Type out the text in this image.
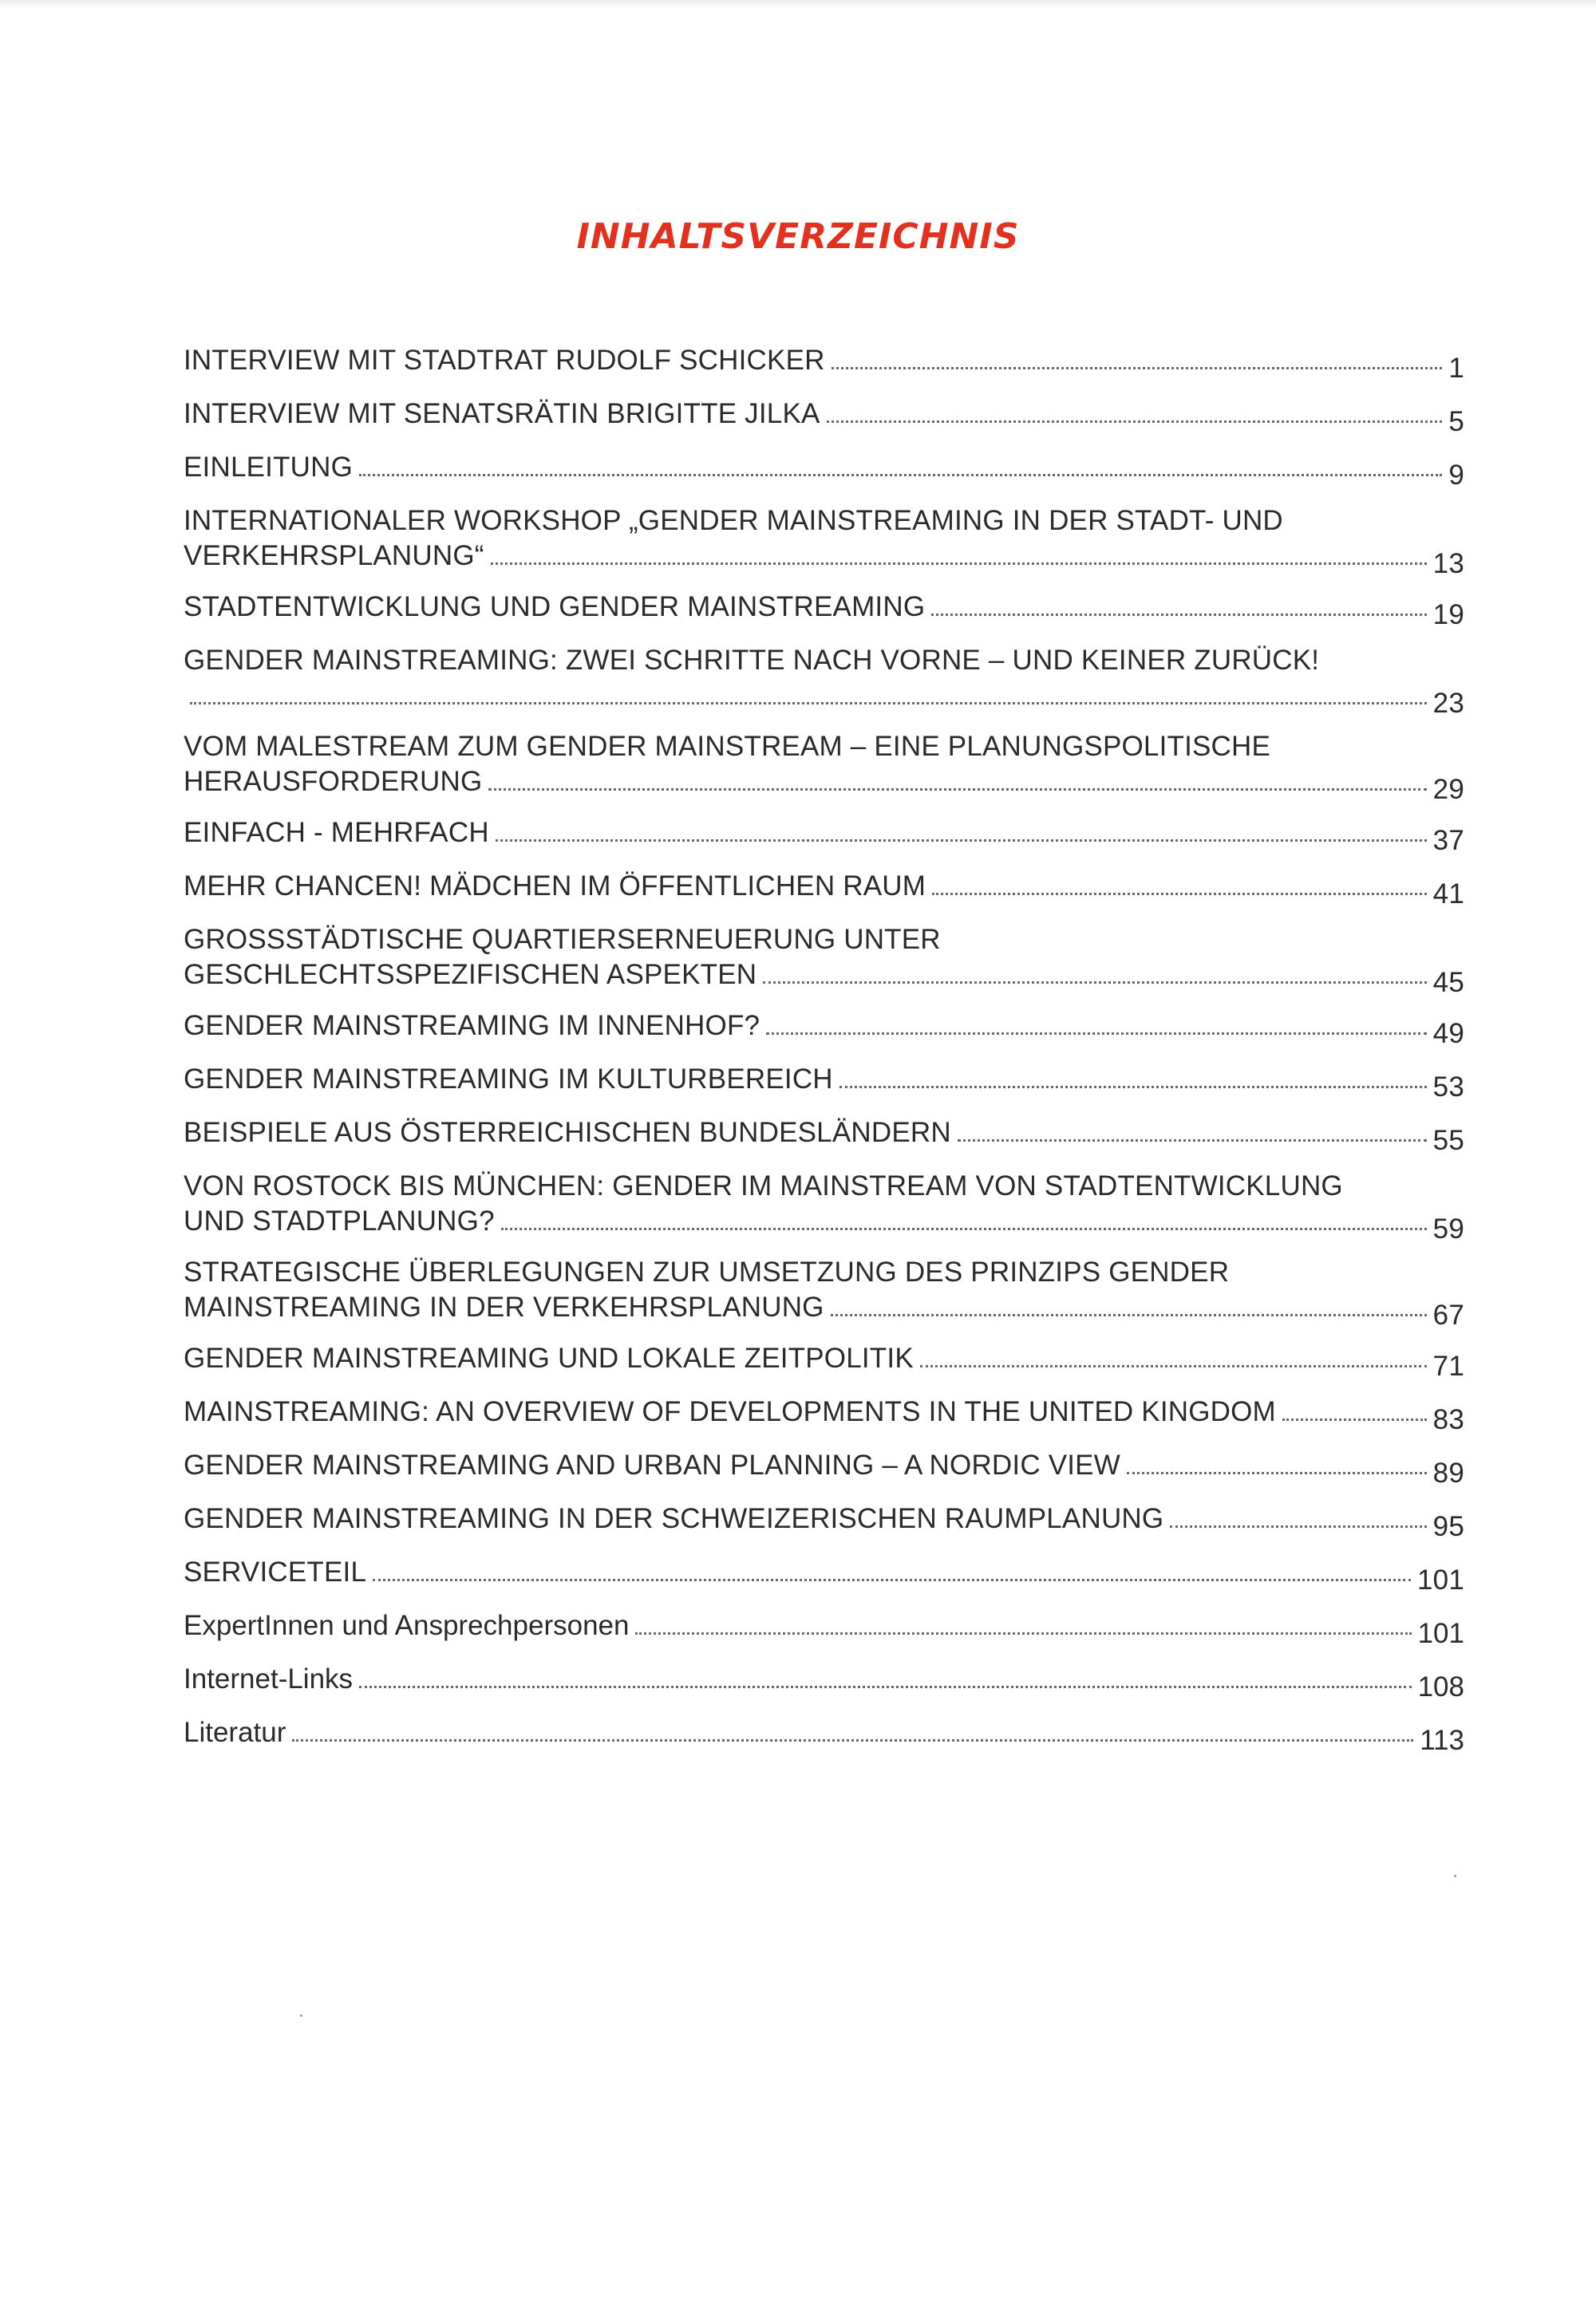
INHALTSVERZEICHNIS
INTERVIEW MIT STADTRAT RUDOLF SCHICKER	1
INTERVIEW MIT SENATSRÄTIN BRIGITTE JILKA	5
EINLEITUNG	9
INTERNATIONALER WORKSHOP „GENDER MAINSTREAMING IN DER STADT- UND
VERKEHRSPLANUNG“	13
STADTENTWICKLUNG UND GENDER MAINSTREAMING	19
GENDER MAINSTREAMING: ZWEI SCHRITTE NACH VORNE – UND KEINER ZURÜCK!
23
VOM MALESTREAM ZUM GENDER MAINSTREAM – EINE PLANUNGSPOLITISCHE
HERAUSFORDERUNG	29
EINFACH - MEHRFACH	37
MEHR CHANCEN! MÄDCHEN IM ÖFFENTLICHEN RAUM	41
GROSSSTÄDTISCHE QUARTIERSERNEUERUNG UNTER
GESCHLECHTSSPEZIFISCHEN ASPEKTEN	45
GENDER MAINSTREAMING IM INNENHOF?	49
GENDER MAINSTREAMING IM KULTURBEREICH	53
BEISPIELE AUS ÖSTERREICHISCHEN BUNDESLÄNDERN	55
VON ROSTOCK BIS MÜNCHEN: GENDER IM MAINSTREAM VON STADTENTWICKLUNG
UND STADTPLANUNG?	59
STRATEGISCHE ÜBERLEGUNGEN ZUR UMSETZUNG DES PRINZIPS GENDER
MAINSTREAMING IN DER VERKEHRSPLANUNG	67
GENDER MAINSTREAMING UND LOKALE ZEITPOLITIK	71
MAINSTREAMING: AN OVERVIEW OF DEVELOPMENTS IN THE UNITED KINGDOM	83
GENDER MAINSTREAMING AND URBAN PLANNING – A NORDIC VIEW	89
GENDER MAINSTREAMING IN DER SCHWEIZERISCHEN RAUMPLANUNG	95
SERVICETEIL	101
ExpertInnen und Ansprechpersonen	101
Internet-Links	108
Literatur	113
